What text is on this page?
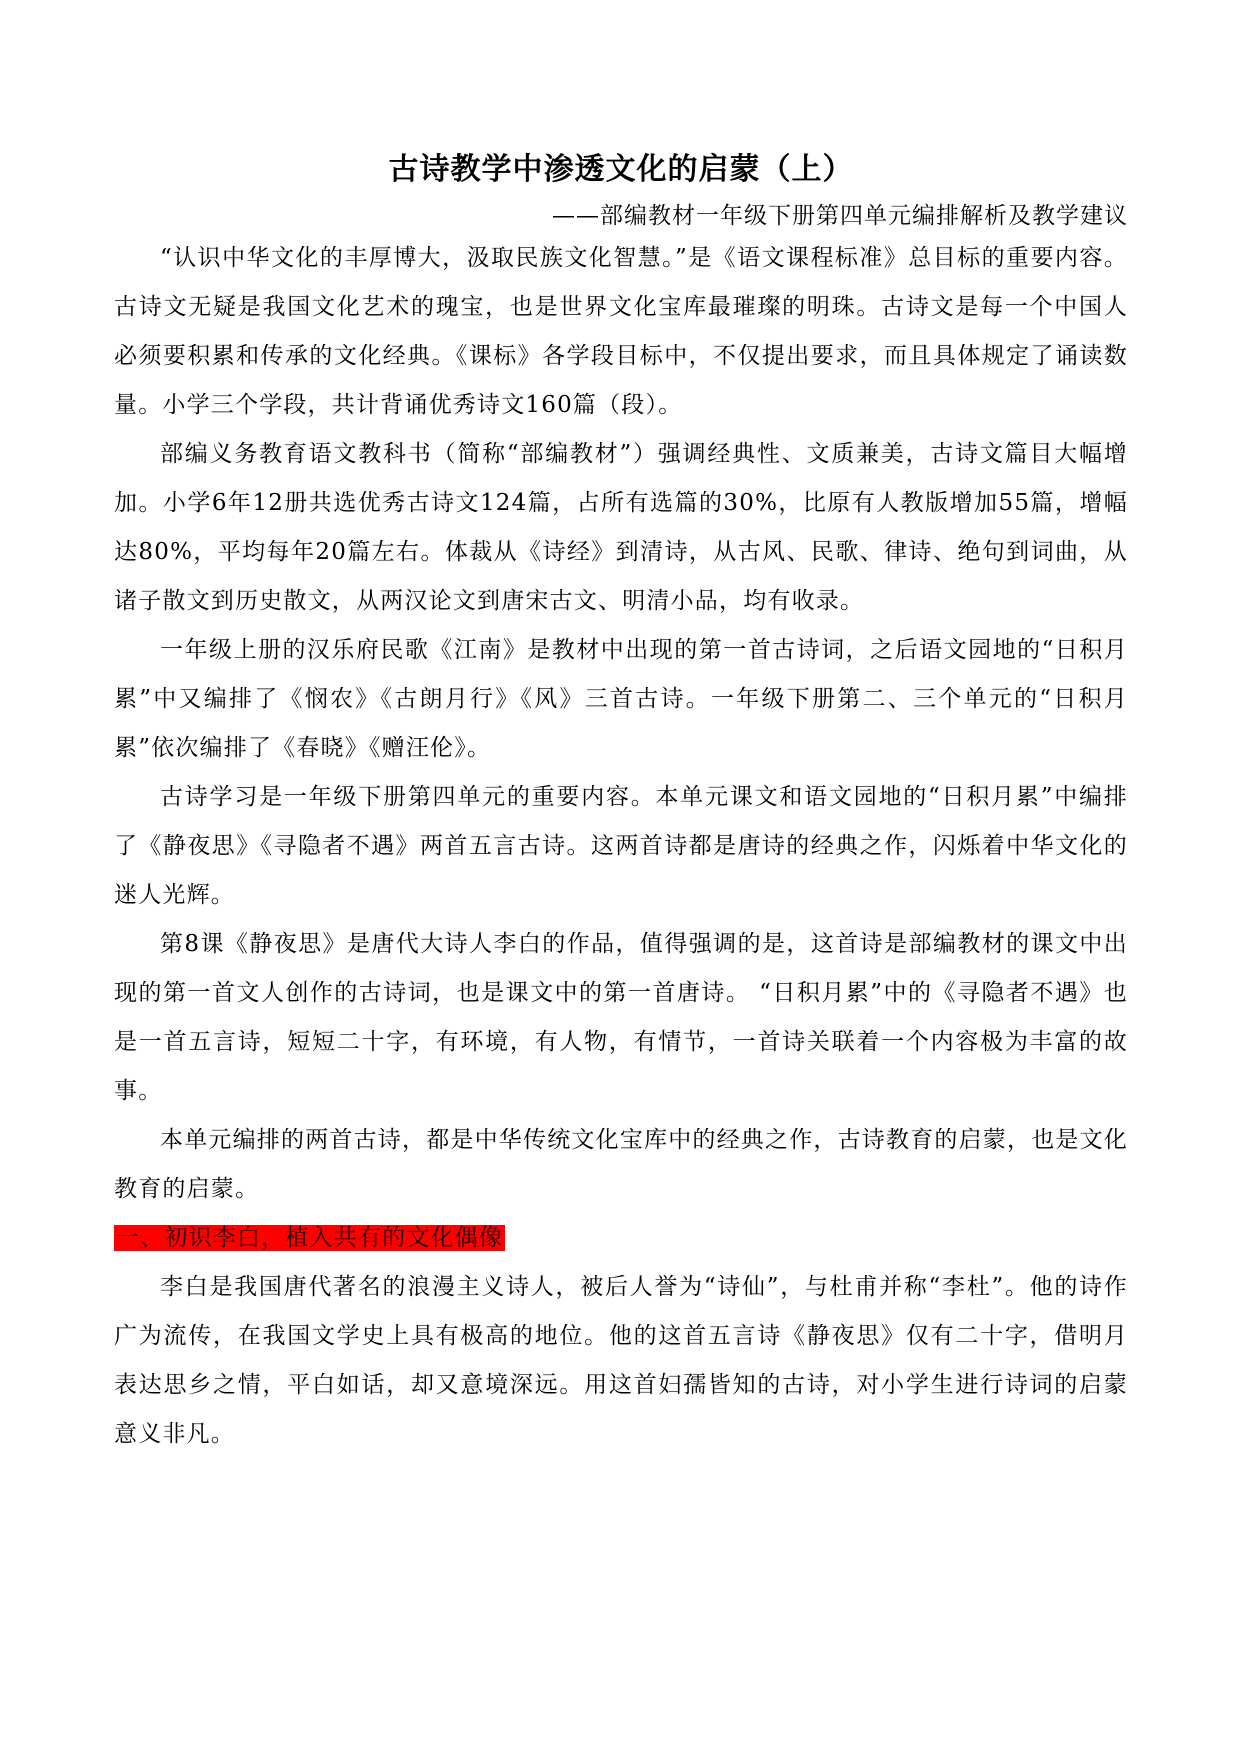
古诗教学中渗透文化的启蒙（上）
——部编教材一年级下册第四单元编排解析及教学建议

“认识中华文化的丰厚博大，汲取民族文化智慧。”是《语文课程标准》总目标的重要内容。古诗文无疑是我国文化艺术的瑰宝，也是世界文化宝库最璀璨的明珠。古诗文是每一个中国人必须要积累和传承的文化经典。《课标》各学段目标中，不仅提出要求，而且具体规定了诵读数量。小学三个学段，共计背诵优秀诗文160篇（段）。

部编义务教育语文教科书（简称“部编教材”）强调经典性、文质兼美，古诗文篇目大幅增加。小学6年12册共选优秀古诗文124篇，占所有选篇的30%，比原有人教版增加55篇，增幅达80%，平均每年20篇左右。体裁从《诗经》到清诗，从古风、民歌、律诗、绝句到词曲，从诸子散文到历史散文，从两汉论文到唐宋古文、明清小品，均有收录。

一年级上册的汉乐府民歌《江南》是教材中出现的第一首古诗词，之后语文园地的“日积月累”中又编排了《悯农》《古朗月行》《风》三首古诗。一年级下册第二、三个单元的“日积月累”依次编排了《春晓》《赠汪伦》。

古诗学习是一年级下册第四单元的重要内容。本单元课文和语文园地的“日积月累”中编排了《静夜思》《寻隐者不遇》两首五言古诗。这两首诗都是唐诗的经典之作，闪烁着中华文化的迷人光辉。

第8课《静夜思》是唐代大诗人李白的作品，值得强调的是，这首诗是部编教材的课文中出现的第一首文人创作的古诗词，也是课文中的第一首唐诗。 “日积月累”中的《寻隐者不遇》也是一首五言诗，短短二十字，有环境，有人物，有情节，一首诗关联着一个内容极为丰富的故事。

本单元编排的两首古诗，都是中华传统文化宝库中的经典之作，古诗教育的启蒙，也是文化教育的启蒙。

一、初识李白，植入共有的文化偶像

李白是我国唐代著名的浪漫主义诗人，被后人誉为“诗仙”，与杜甫并称“李杜”。他的诗作广为流传，在我国文学史上具有极高的地位。他的这首五言诗《静夜思》仅有二十字，借明月表达思乡之情，平白如话，却又意境深远。用这首妇孺皆知的古诗，对小学生进行诗词的启蒙意义非凡。
